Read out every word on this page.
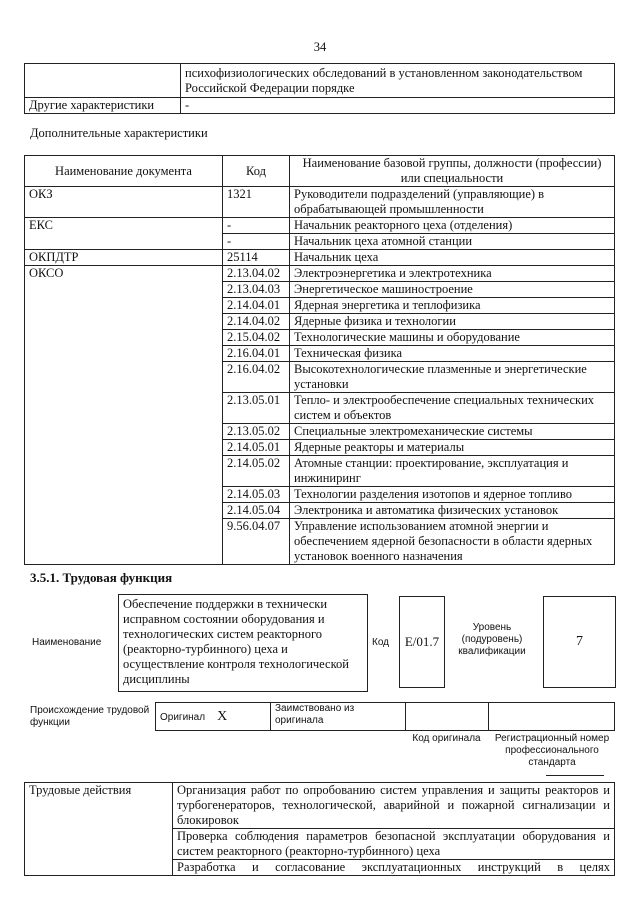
34
	психофизиологических обследований в установленном законодательством Российской Федерации порядке
Другие характеристики	-
Дополнительные характеристики
Наименование документа	Код	Наименование базовой группы, должности (профессии) или специальности
ОКЗ	1321	Руководители подразделений (управляющие) в обрабатывающей промышленности
ЕКС	-	Начальник реакторного цеха (отделения)
	-	Начальник цеха атомной станции
ОКПДТР	25114	Начальник цеха
ОКСО	2.13.04.02	Электроэнергетика и электротехника
	2.13.04.03	Энергетическое машиностроение
	2.14.04.01	Ядерная энергетика и теплофизика
	2.14.04.02	Ядерные физика и технологии
	2.15.04.02	Технологические машины и оборудование
	2.16.04.01	Техническая физика
	2.16.04.02	Высокотехнологические плазменные и энергетические установки
	2.13.05.01	Тепло- и электрообеспечение специальных технических систем и объектов
	2.13.05.02	Специальные электромеханические системы
	2.14.05.01	Ядерные реакторы и материалы
	2.14.05.02	Атомные станции: проектирование, эксплуатация и инжиниринг
	2.14.05.03	Технологии разделения изотопов и ядерное топливо
	2.14.05.04	Электроника и автоматика физических установок
	9.56.04.07	Управление использованием атомной энергии и обеспечением ядерной безопасности в области ядерных установок военного назначения
3.5.1. Трудовая функция
Наименование
Обеспечение поддержки в технически исправном состоянии оборудования и технологических систем реакторного (реакторно-турбинного) цеха и осуществление контроля технологической дисциплины
Код	E/01.7
Уровень (подуровень) квалификации
7
Происхождение трудовой функции	Оригинал X	Заимствовано из оригинала		
Код оригинала	Регистрационный номер профессионального стандарта
Трудовые действия	Организация работ по опробованию систем управления и защиты реакторов и турбогенераторов, технологической, аварийной и пожарной сигнализации и блокировок
Проверка соблюдения параметров безопасной эксплуатации оборудования и систем реакторного (реакторно-турбинного) цеха
Разработка и согласование эксплуатационных инструкций в целях
